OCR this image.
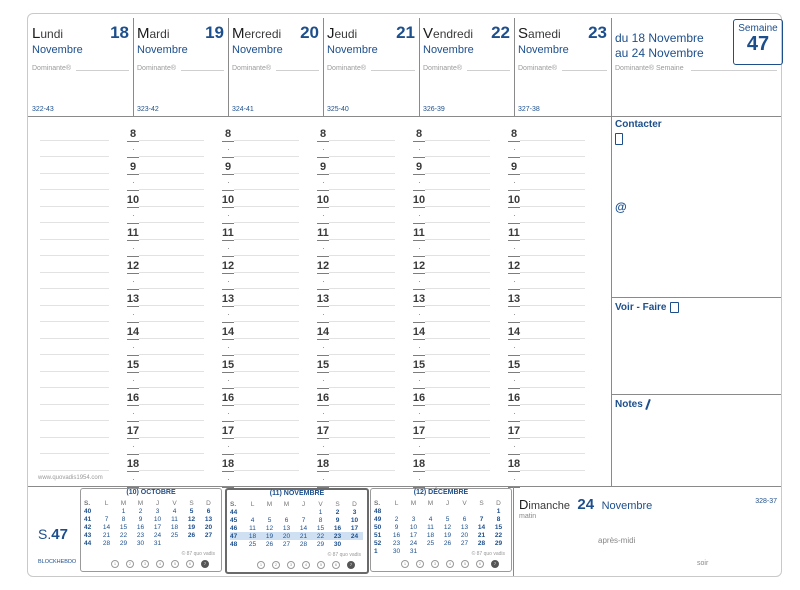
Lundi	18
Novembre
Dominante®
322-43
Mardi 19
Novembre
Dominante®
323-42
Mercredi 20
Novembre
Dominante®
324-41
Jeudi 21
Novembre
Dominante®
325-40
Vendredi 22
Novembre
Dominante®
326-39
Samedi 23
Novembre
Dominante®
327-38
du 18 Novembre
au 24 Novembre
Dominante® Semaine
Semaine
47
8	8	8	8	8
9	9	9	9	9
10	10	10	10	10
11	11	11	11	11
12	12	12	12	12
13	13	13	13	13
14	14	14	14	14
15	15	15	15	15
16	16	16	16	16
17	17	17	17	17
18	18	18	18	18
Contacter
@
Voir - Faire
Notes
www.quovadis1954.com
S.47
BLOCKHEBDO
(10) OCTOBRE
S.	L	M	M	J	V	S	D
40		1	2	3	4	5	6
41	7	8	9	10	11	12	13
42	14	15	16	17	18	19	20
43	21	22	23	24	25	26	27
44	28	29	30	31			
© 87 quo vadis
1	2	3	4	5	6	7
(11) NOVEMBRE
S.	L	M	M	J	V	S	D
44					1	2	3
45	4	5	6	7	8	9	10
46	11	12	13	14	15	16	17
47	18	19	20	21	22	23	24
48	25	26	27	28	29	30	
© 87 quo vadis
1	2	3	4	5	6	7
(12) DÉCEMBRE
S.	L	M	M	J	V	S	D
48							1
49	2	3	4	5	6	7	8
50	9	10	11	12	13	14	15
51	16	17	18	19	20	21	22
52	23	24	25	26	27	28	29
1	30	31						© 87 quo vadis
1	2	3	4	5	6	7
Dimanche 24 Novembre	328-37
matin
après-midi
soir
